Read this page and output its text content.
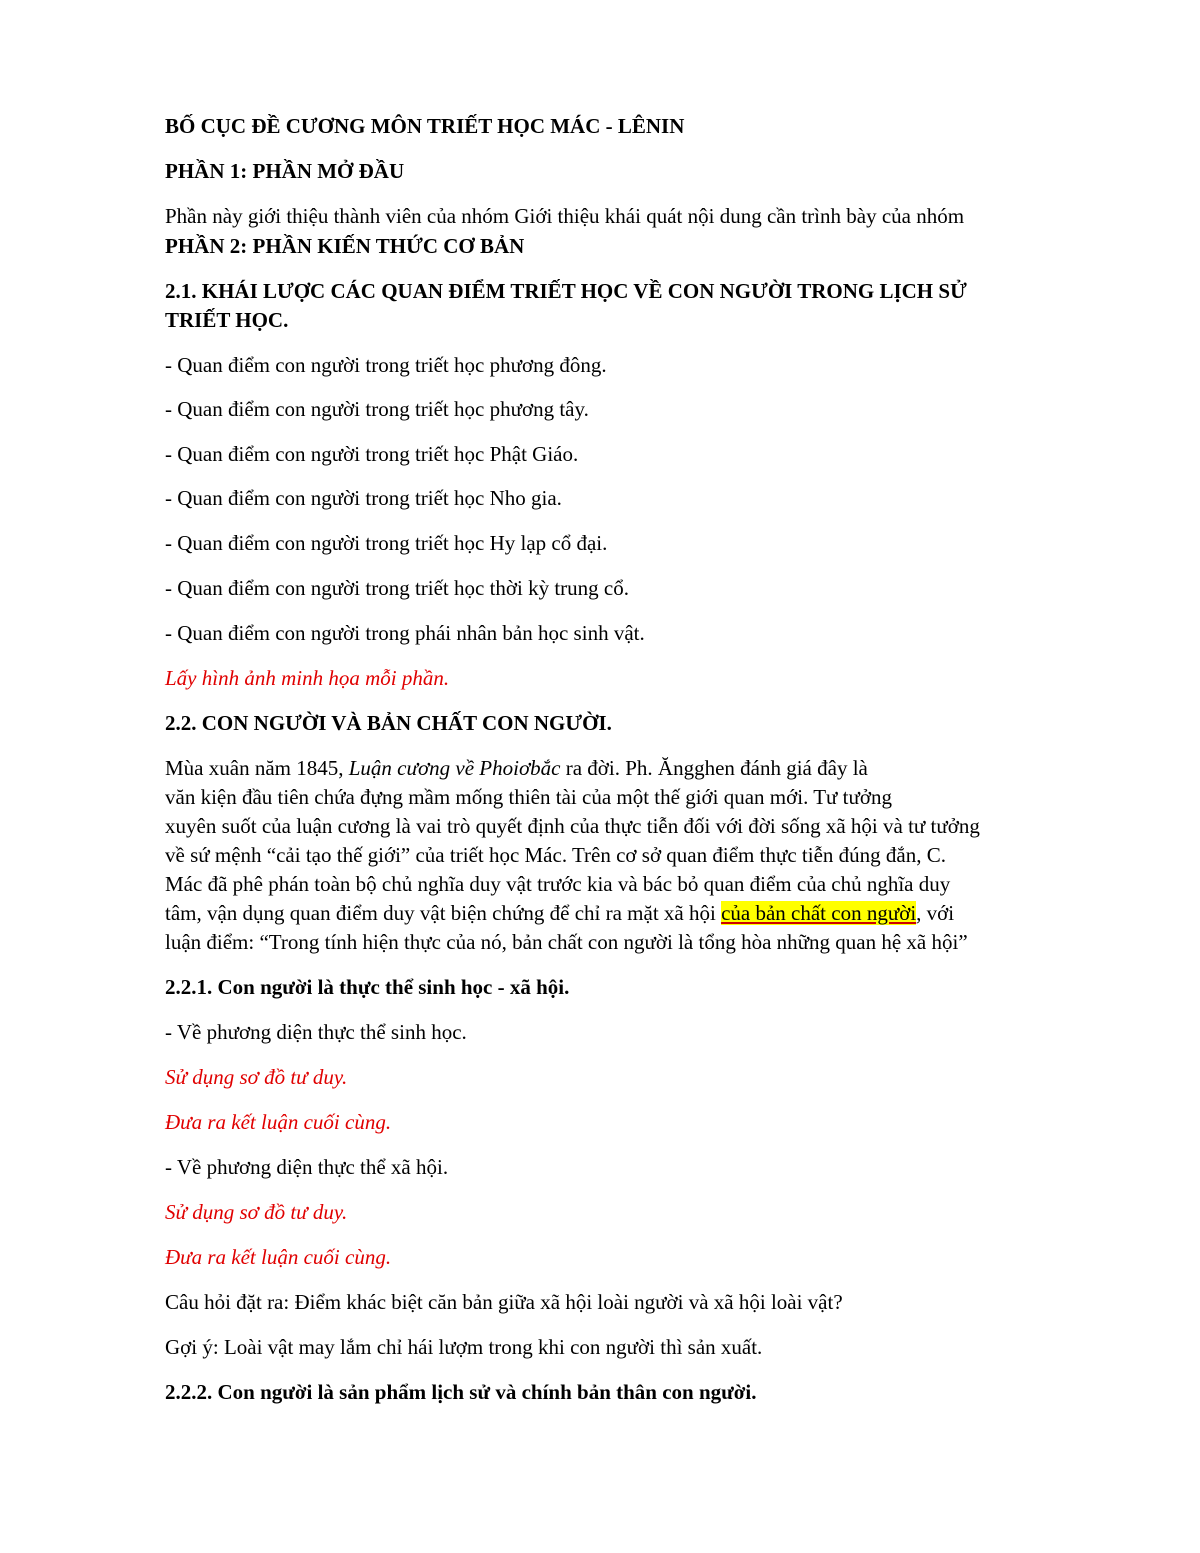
BỐ CỤC ĐỀ CƯƠNG MÔN TRIẾT HỌC MÁC - LÊNIN
PHẦN 1: PHẦN MỞ ĐẦU
Phần này giới thiệu thành viên của nhóm Giới thiệu khái quát nội dung cần trình bày của nhóm
PHẦN 2: PHẦN KIẾN THỨC CƠ BẢN
2.1. KHÁI LƯỢC CÁC QUAN ĐIỂM TRIẾT HỌC VỀ CON NGƯỜI TRONG LỊCH SỬ
TRIẾT HỌC.
- Quan điểm con người trong triết học phương đông.
- Quan điểm con người trong triết học phương tây.
- Quan điểm con người trong triết học Phật Giáo.
- Quan điểm con người trong triết học Nho gia.
- Quan điểm con người trong triết học Hy lạp cổ đại.
- Quan điểm con người trong triết học thời kỳ trung cổ.
- Quan điểm con người trong phái nhân bản học sinh vật.
Lấy hình ảnh minh họa mỗi phần.
2.2. CON NGƯỜI VÀ BẢN CHẤT CON NGƯỜI.
Mùa xuân năm 1845, Luận cương về Phoiơbắc ra đời. Ph. Ăngghen đánh giá đây là
văn kiện đầu tiên chứa đựng mầm mống thiên tài của một thế giới quan mới. Tư tưởng
xuyên suốt của luận cương là vai trò quyết định của thực tiễn đối với đời sống xã hội và tư tưởng
về sứ mệnh “cải tạo thế giới” của triết học Mác. Trên cơ sở quan điểm thực tiễn đúng đắn, C.
Mác đã phê phán toàn bộ chủ nghĩa duy vật trước kia và bác bỏ quan điểm của chủ nghĩa duy
tâm, vận dụng quan điểm duy vật biện chứng để chỉ ra mặt xã hội của bản chất con người, với
luận điểm: “Trong tính hiện thực của nó, bản chất con người là tổng hòa những quan hệ xã hội”
2.2.1. Con người là thực thể sinh học - xã hội.
- Về phương diện thực thể sinh học.
Sử dụng sơ đồ tư duy.
Đưa ra kết luận cuối cùng.
- Về phương diện thực thể xã hội.
Sử dụng sơ đồ tư duy.
Đưa ra kết luận cuối cùng.
Câu hỏi đặt ra: Điểm khác biệt căn bản giữa xã hội loài người và xã hội loài vật?
Gợi ý: Loài vật may lắm chỉ hái lượm trong khi con người thì sản xuất.
2.2.2. Con người là sản phẩm lịch sử và chính bản thân con người.
